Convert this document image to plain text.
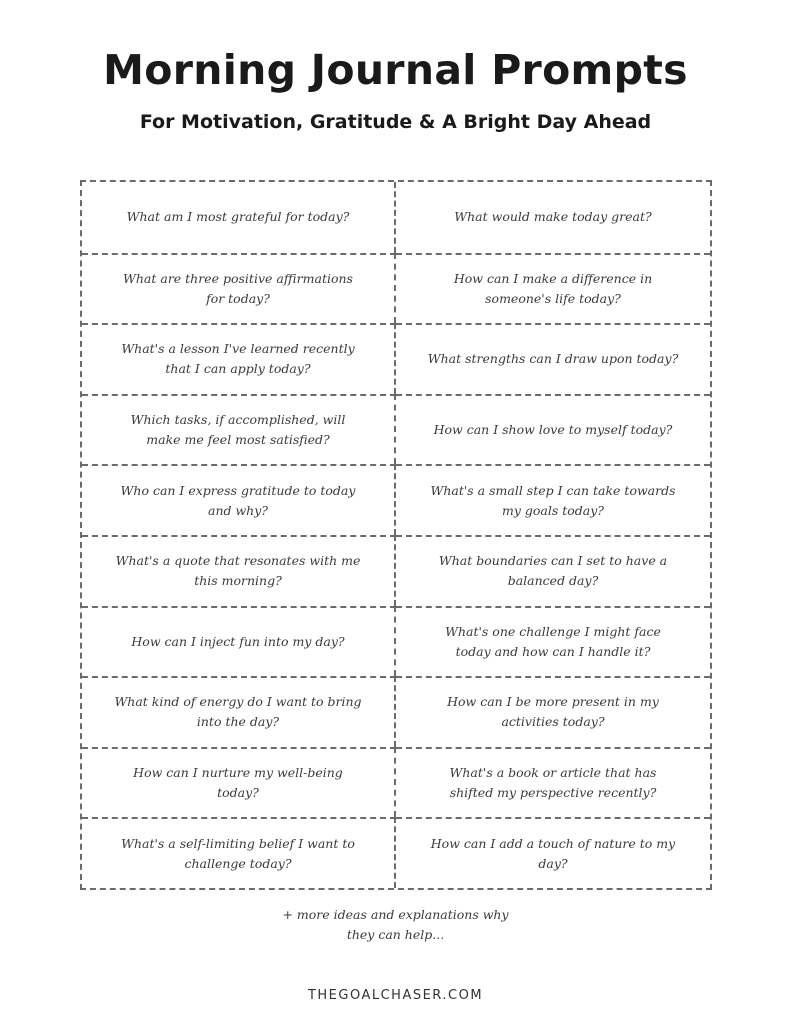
Morning Journal Prompts
For Motivation, Gratitude & A Bright Day Ahead
What am I most grateful for today?	What would make today great?
What are three positive affirmations for today?
How can I make a difference in someone's life today?
What's a lesson I've learned recently that I can apply today?
What strengths can I draw upon today?
Which tasks, if accomplished, will make me feel most satisfied?
How can I show love to myself today?
Who can I express gratitude to today and why?
What's a small step I can take towards my goals today?
What's a quote that resonates with me this morning?
What boundaries can I set to have a balanced day?
How can I inject fun into my day?
What's one challenge I might face today and how can I handle it?
What kind of energy do I want to bring into the day?
How can I be more present in my activities today?
How can I nurture my well-being today?
What's a book or article that has shifted my perspective recently?
What's a self-limiting belief I want to challenge today?
How can I add a touch of nature to my day?
+ more ideas and explanations why
they can help...
THEGOALCHASER.COM
